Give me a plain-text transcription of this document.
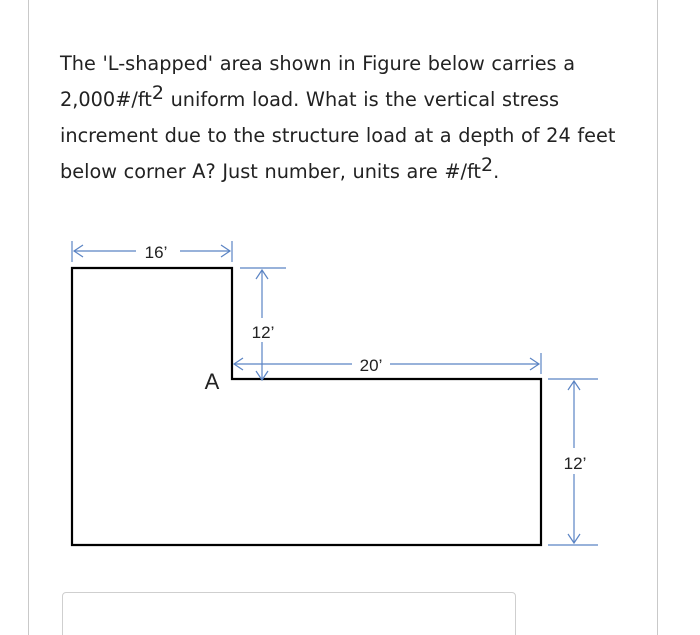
The 'L-shapped' area shown in Figure below carries a $2,000\#/ft^2$ uniform load. What is the vertical stress increment due to the structure load at a depth of 24 feet below corner A? Just number, units are $\#/ft^2$.

16’
12’
20’
12’
A
